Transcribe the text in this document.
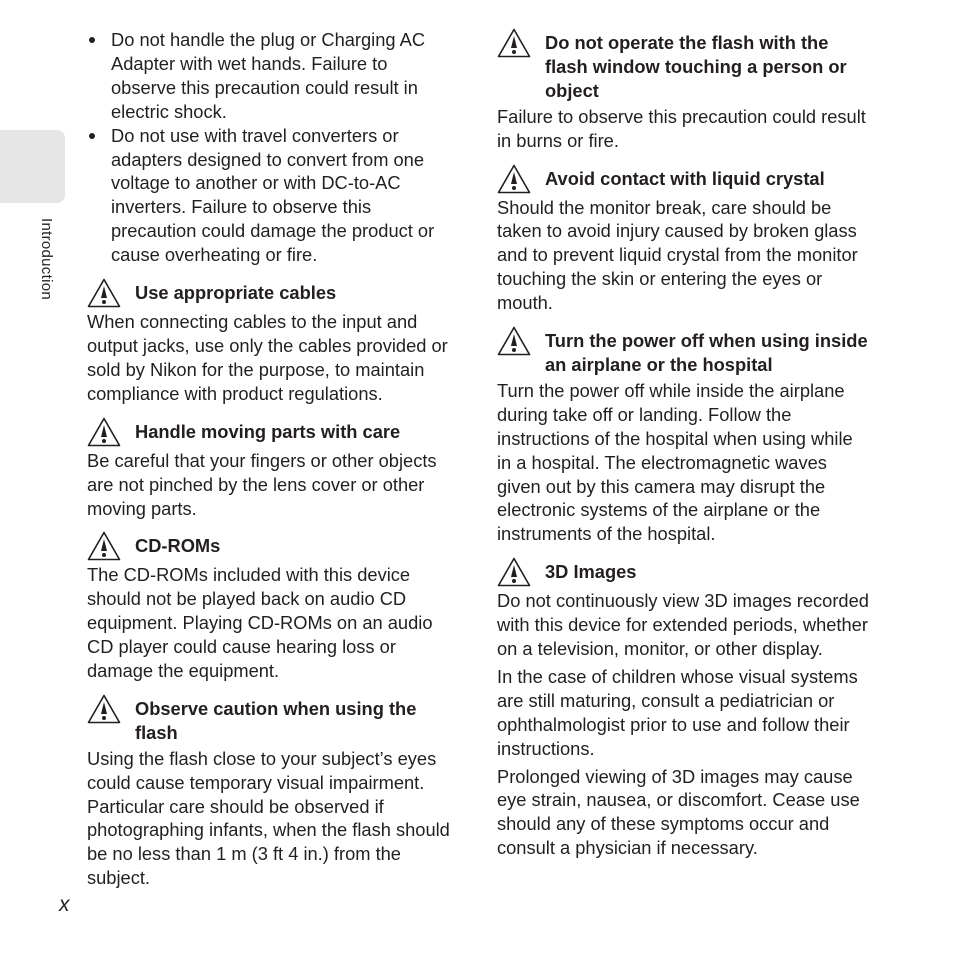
Introduction
Do not handle the plug or Charging AC Adapter with wet hands. Failure to observe this precaution could result in electric shock.
Do not use with travel converters or adapters designed to convert from one voltage to another or with DC-to-AC inverters. Failure to observe this precaution could damage the product or cause overheating or fire.
Use appropriate cables

When connecting cables to the input and output jacks, use only the cables provided or sold by Nikon for the purpose, to maintain compliance with product regulations.

Handle moving parts with care

Be careful that your fingers or other objects are not pinched by the lens cover or other moving parts.

CD-ROMs

The CD-ROMs included with this device should not be played back on audio CD equipment. Playing CD-ROMs on an audio CD player could cause hearing loss or damage the equipment.

Observe caution when using the flash

Using the flash close to your subject’s eyes could cause temporary visual impairment. Particular care should be observed if photographing infants, when the flash should be no less than 1 m (3 ft 4 in.) from the subject.

Do not operate the flash with the flash window touching a person or object

Failure to observe this precaution could result in burns or fire.

Avoid contact with liquid crystal

Should the monitor break, care should be taken to avoid injury caused by broken glass and to prevent liquid crystal from the monitor touching the skin or entering the eyes or mouth.

Turn the power off when using inside an airplane or the hospital

Turn the power off while inside the airplane during take off or landing. Follow the instructions of the hospital when using while in a hospital. The electromagnetic waves given out by this camera may disrupt the electronic systems of the airplane or the instruments of the hospital.

3D Images

Do not continuously view 3D images recorded with this device for extended periods, whether on a television, monitor, or other display.

In the case of children whose visual systems are still maturing, consult a pediatrician or ophthalmologist prior to use and follow their instructions.

Prolonged viewing of 3D images may cause eye strain, nausea, or discomfort. Cease use should any of these symptoms occur and consult a physician if necessary.

x
